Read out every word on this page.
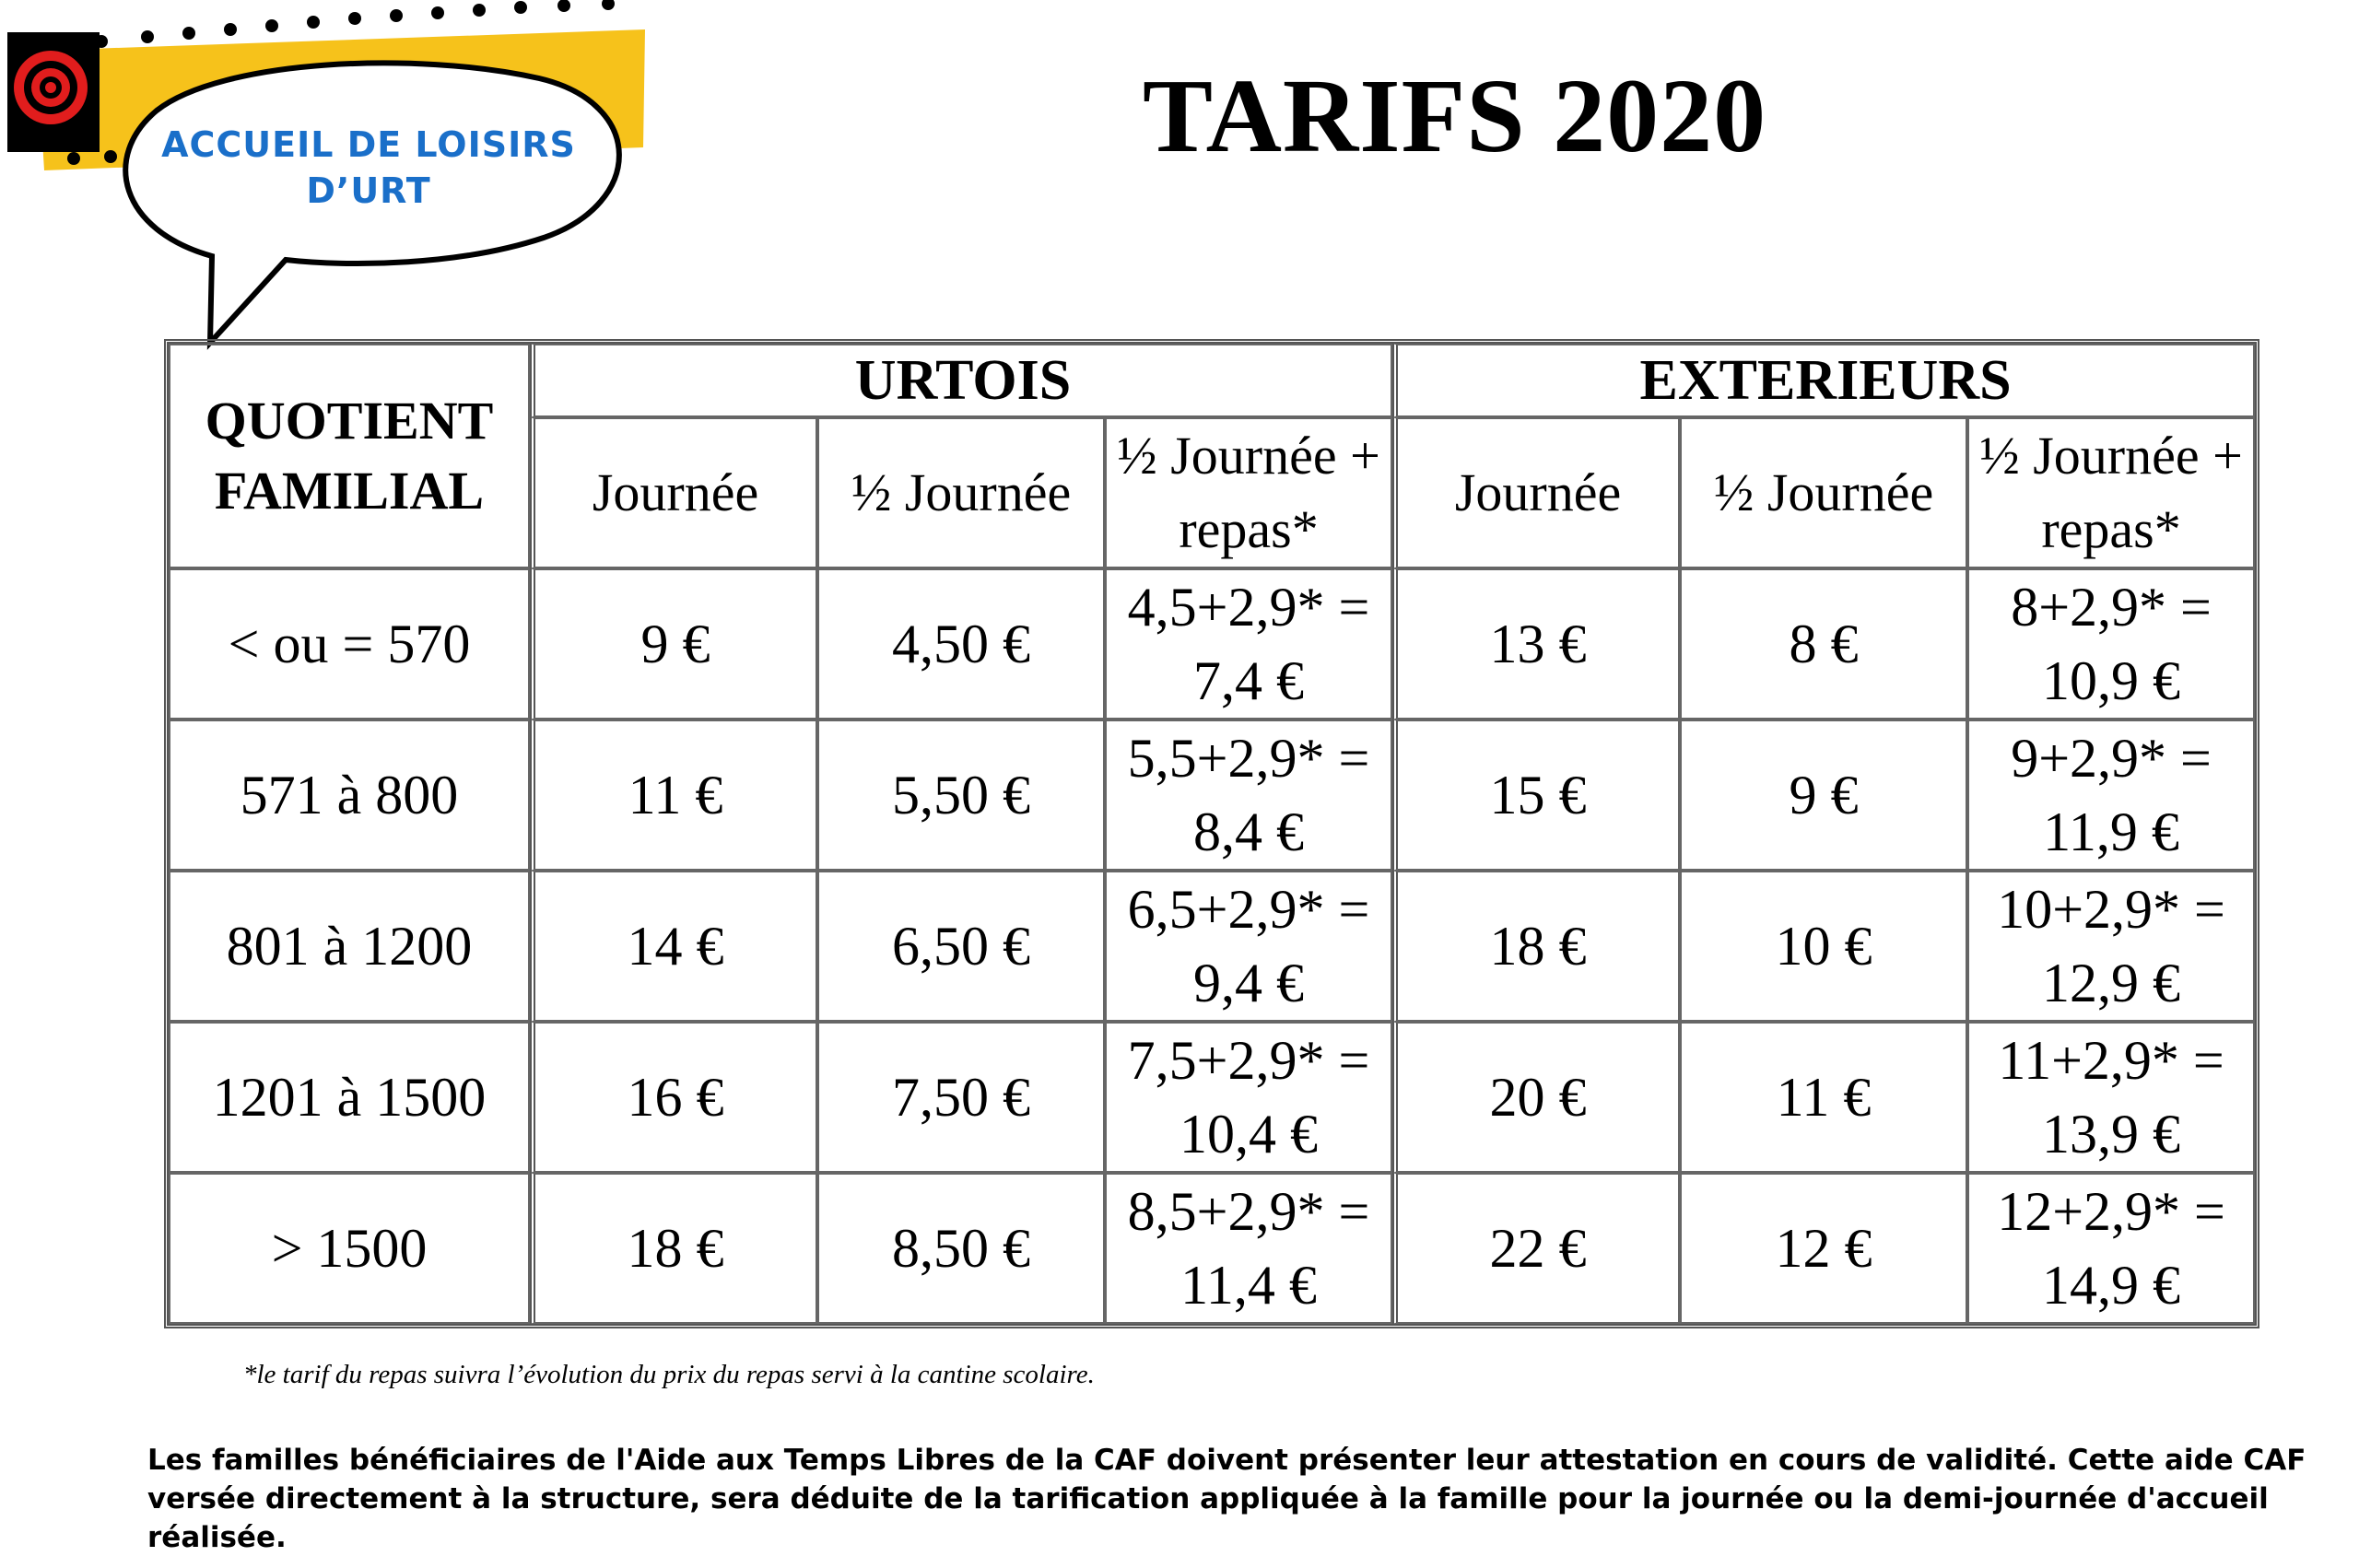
ACCUEIL DE LOISIRS D’URT
TARIFS 2020
QUOTIENT FAMILIAL	URTOIS			EXTERIEURS		
	Journée	½ Journée	½ Journée + repas*	Journée	½ Journée	½ Journée + repas*
< ou = 570	9 €	4,50 €	4,5+2,9* = 7,4 €	13 €	8 €	8+2,9* = 10,9 €
571 à 800	11 €	5,50 €	5,5+2,9* = 8,4 €	15 €	9 €	9+2,9* = 11,9 €
801 à 1200	14 €	6,50 €	6,5+2,9* = 9,4 €	18 €	10 €	10+2,9* = 12,9 €
1201 à 1500	16 €	7,50 €	7,5+2,9* = 10,4 €	20 €	11 €	11+2,9* = 13,9 €
> 1500	18 €	8,50 €	8,5+2,9* = 11,4 €	22 €	12 €	12+2,9* = 14,9 €
*le tarif du repas suivra l’évolution du prix du repas servi à la cantine scolaire.
Les familles bénéficiaires de l'Aide aux Temps Libres de la CAF doivent présenter leur attestation en cours de validité. Cette aide CAF versée directement à la structure, sera déduite de la tarification appliquée à la famille pour la journée ou la demi-journée d'accueil réalisée.
